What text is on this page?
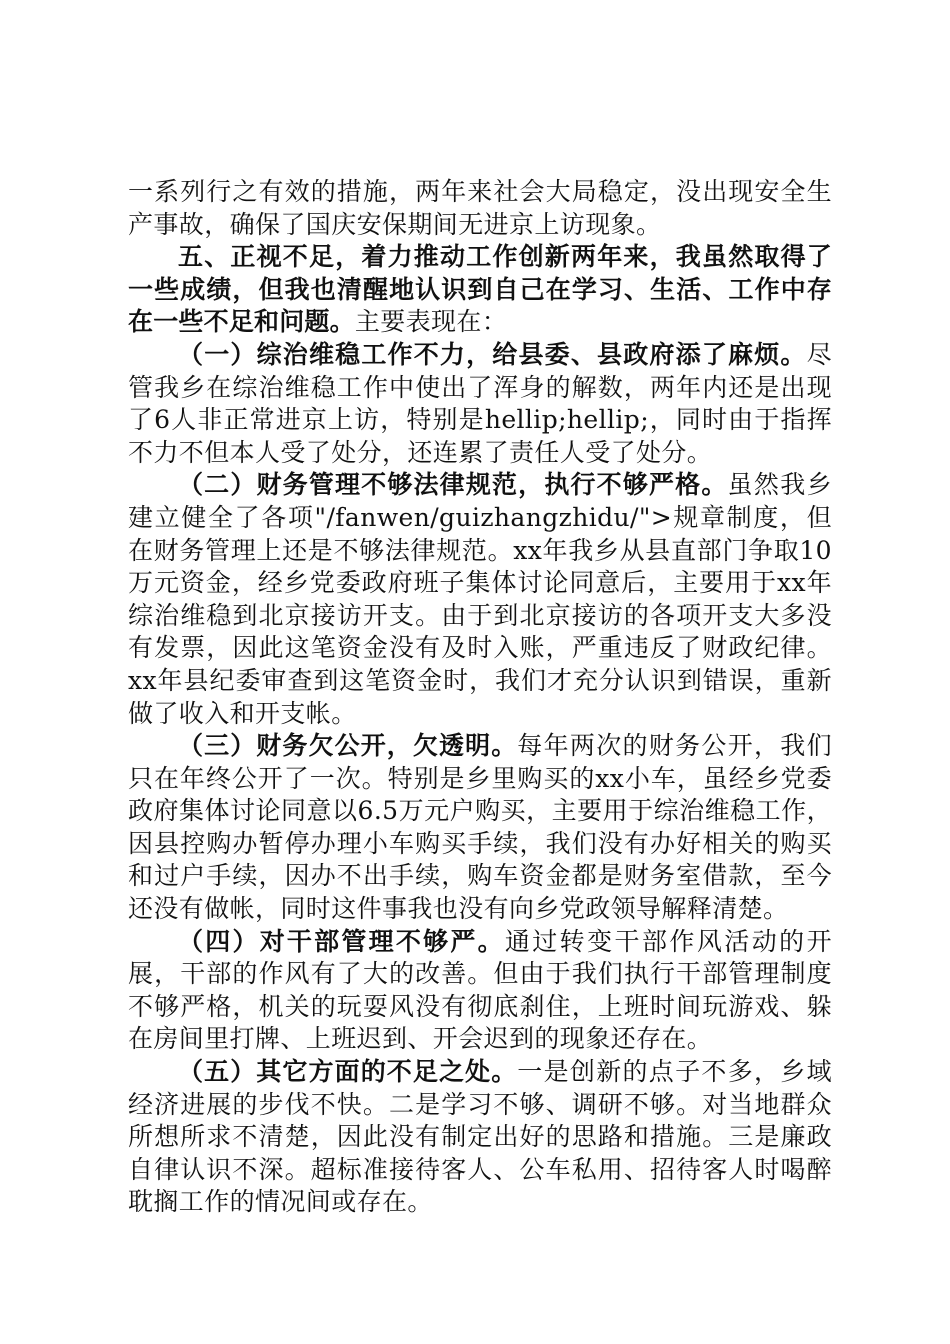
一系列行之有效的措施，两年来社会大局稳定，没出现安全生产事故，确保了国庆安保期间无进京上访现象。

五、正视不足，着力推动工作创新两年来，我虽然取得了一些成绩，但我也清醒地认识到自己在学习、生活、工作中存在一些不足和问题。主要表现在：

（一）综治维稳工作不力，给县委、县政府添了麻烦。尽管我乡在综治维稳工作中使出了浑身的解数，两年内还是出现了6人非正常进京上访，特别是hellip;hellip;，同时由于指挥不力不但本人受了处分，还连累了责任人受了处分。

（二）财务管理不够法律规范，执行不够严格。虽然我乡建立健全了各项"/fanwen/guizhangzhidu/">规章制度，但在财务管理上还是不够法律规范。xx年我乡从县直部门争取10万元资金，经乡党委政府班子集体讨论同意后，主要用于xx年综治维稳到北京接访开支。由于到北京接访的各项开支大多没有发票，因此这笔资金没有及时入账，严重违反了财政纪律。xx年县纪委审查到这笔资金时，我们才充分认识到错误，重新做了收入和开支帐。

（三）财务欠公开，欠透明。每年两次的财务公开，我们只在年终公开了一次。特别是乡里购买的xx小车，虽经乡党委政府集体讨论同意以6.5万元户购买，主要用于综治维稳工作，因县控购办暂停办理小车购买手续，我们没有办好相关的购买和过户手续，因办不出手续，购车资金都是财务室借款，至今还没有做帐，同时这件事我也没有向乡党政领导解释清楚。

（四）对干部管理不够严。通过转变干部作风活动的开展，干部的作风有了大的改善。但由于我们执行干部管理制度不够严格，机关的玩耍风没有彻底刹住，上班时间玩游戏、躲在房间里打牌、上班迟到、开会迟到的现象还存在。

（五）其它方面的不足之处。一是创新的点子不多，乡域经济进展的步伐不快。二是学习不够、调研不够。对当地群众所想所求不清楚，因此没有制定出好的思路和措施。三是廉政自律认识不深。超标准接待客人、公车私用、招待客人时喝醉耽搁工作的情况间或存在。
